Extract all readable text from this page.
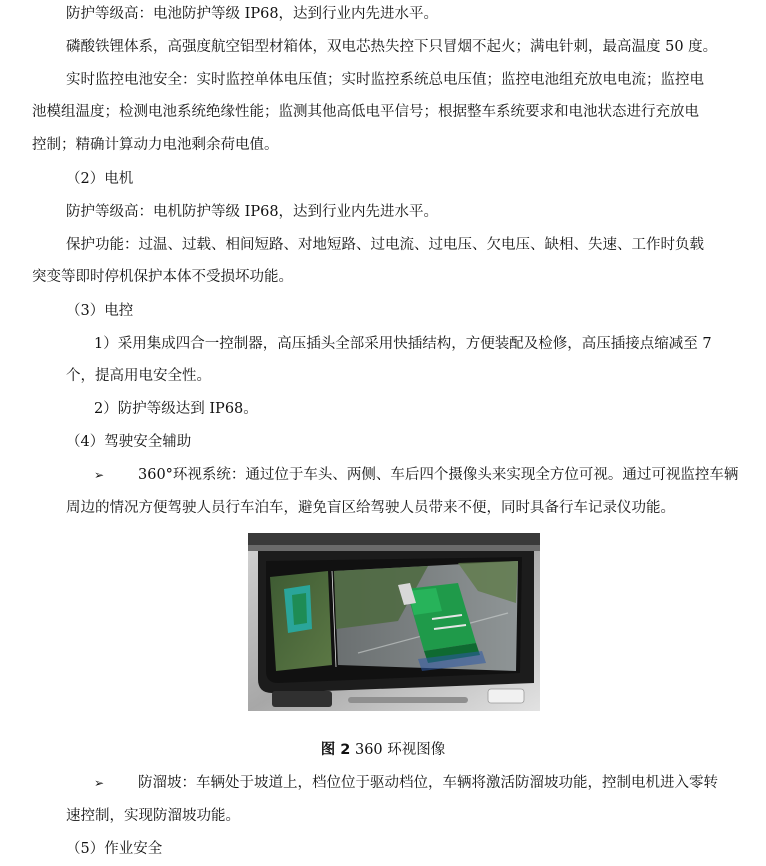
防护等级高：电池防护等级 IP68，达到行业内先进水平。
磷酸铁锂体系，高强度航空铝型材箱体，双电芯热失控下只冒烟不起火；满电针刺，最高温度 50 度。
实时监控电池安全：实时监控单体电压值；实时监控系统总电压值；监控电池组充放电电流；监控电
池模组温度；检测电池系统绝缘性能；监测其他高低电平信号；根据整车系统要求和电池状态进行充放电
控制；精确计算动力电池剩余荷电值。
（2）电机
防护等级高：电机防护等级 IP68，达到行业内先进水平。
保护功能：过温、过载、相间短路、对地短路、过电流、过电压、欠电压、缺相、失速、工作时负载
突变等即时停机保护本体不受损坏功能。
（3）电控
1）采用集成四合一控制器，高压插头全部采用快插结构，方便装配及检修，高压插接点缩减至 7
个，提高用电安全性。
2）防护等级达到 IP68。
（4）驾驶安全辅助
➢ 360°环视系统：通过位于车头、两侧、车后四个摄像头来实现全方位可视。通过可视监控车辆
周边的情况方便驾驶人员行车泊车，避免盲区给驾驶人员带来不便，同时具备行车记录仪功能。
图 2 360 环视图像
➢ 防溜坡：车辆处于坡道上，档位位于驱动档位，车辆将激活防溜坡功能，控制电机进入零转
速控制，实现防溜坡功能。
（5）作业安全
